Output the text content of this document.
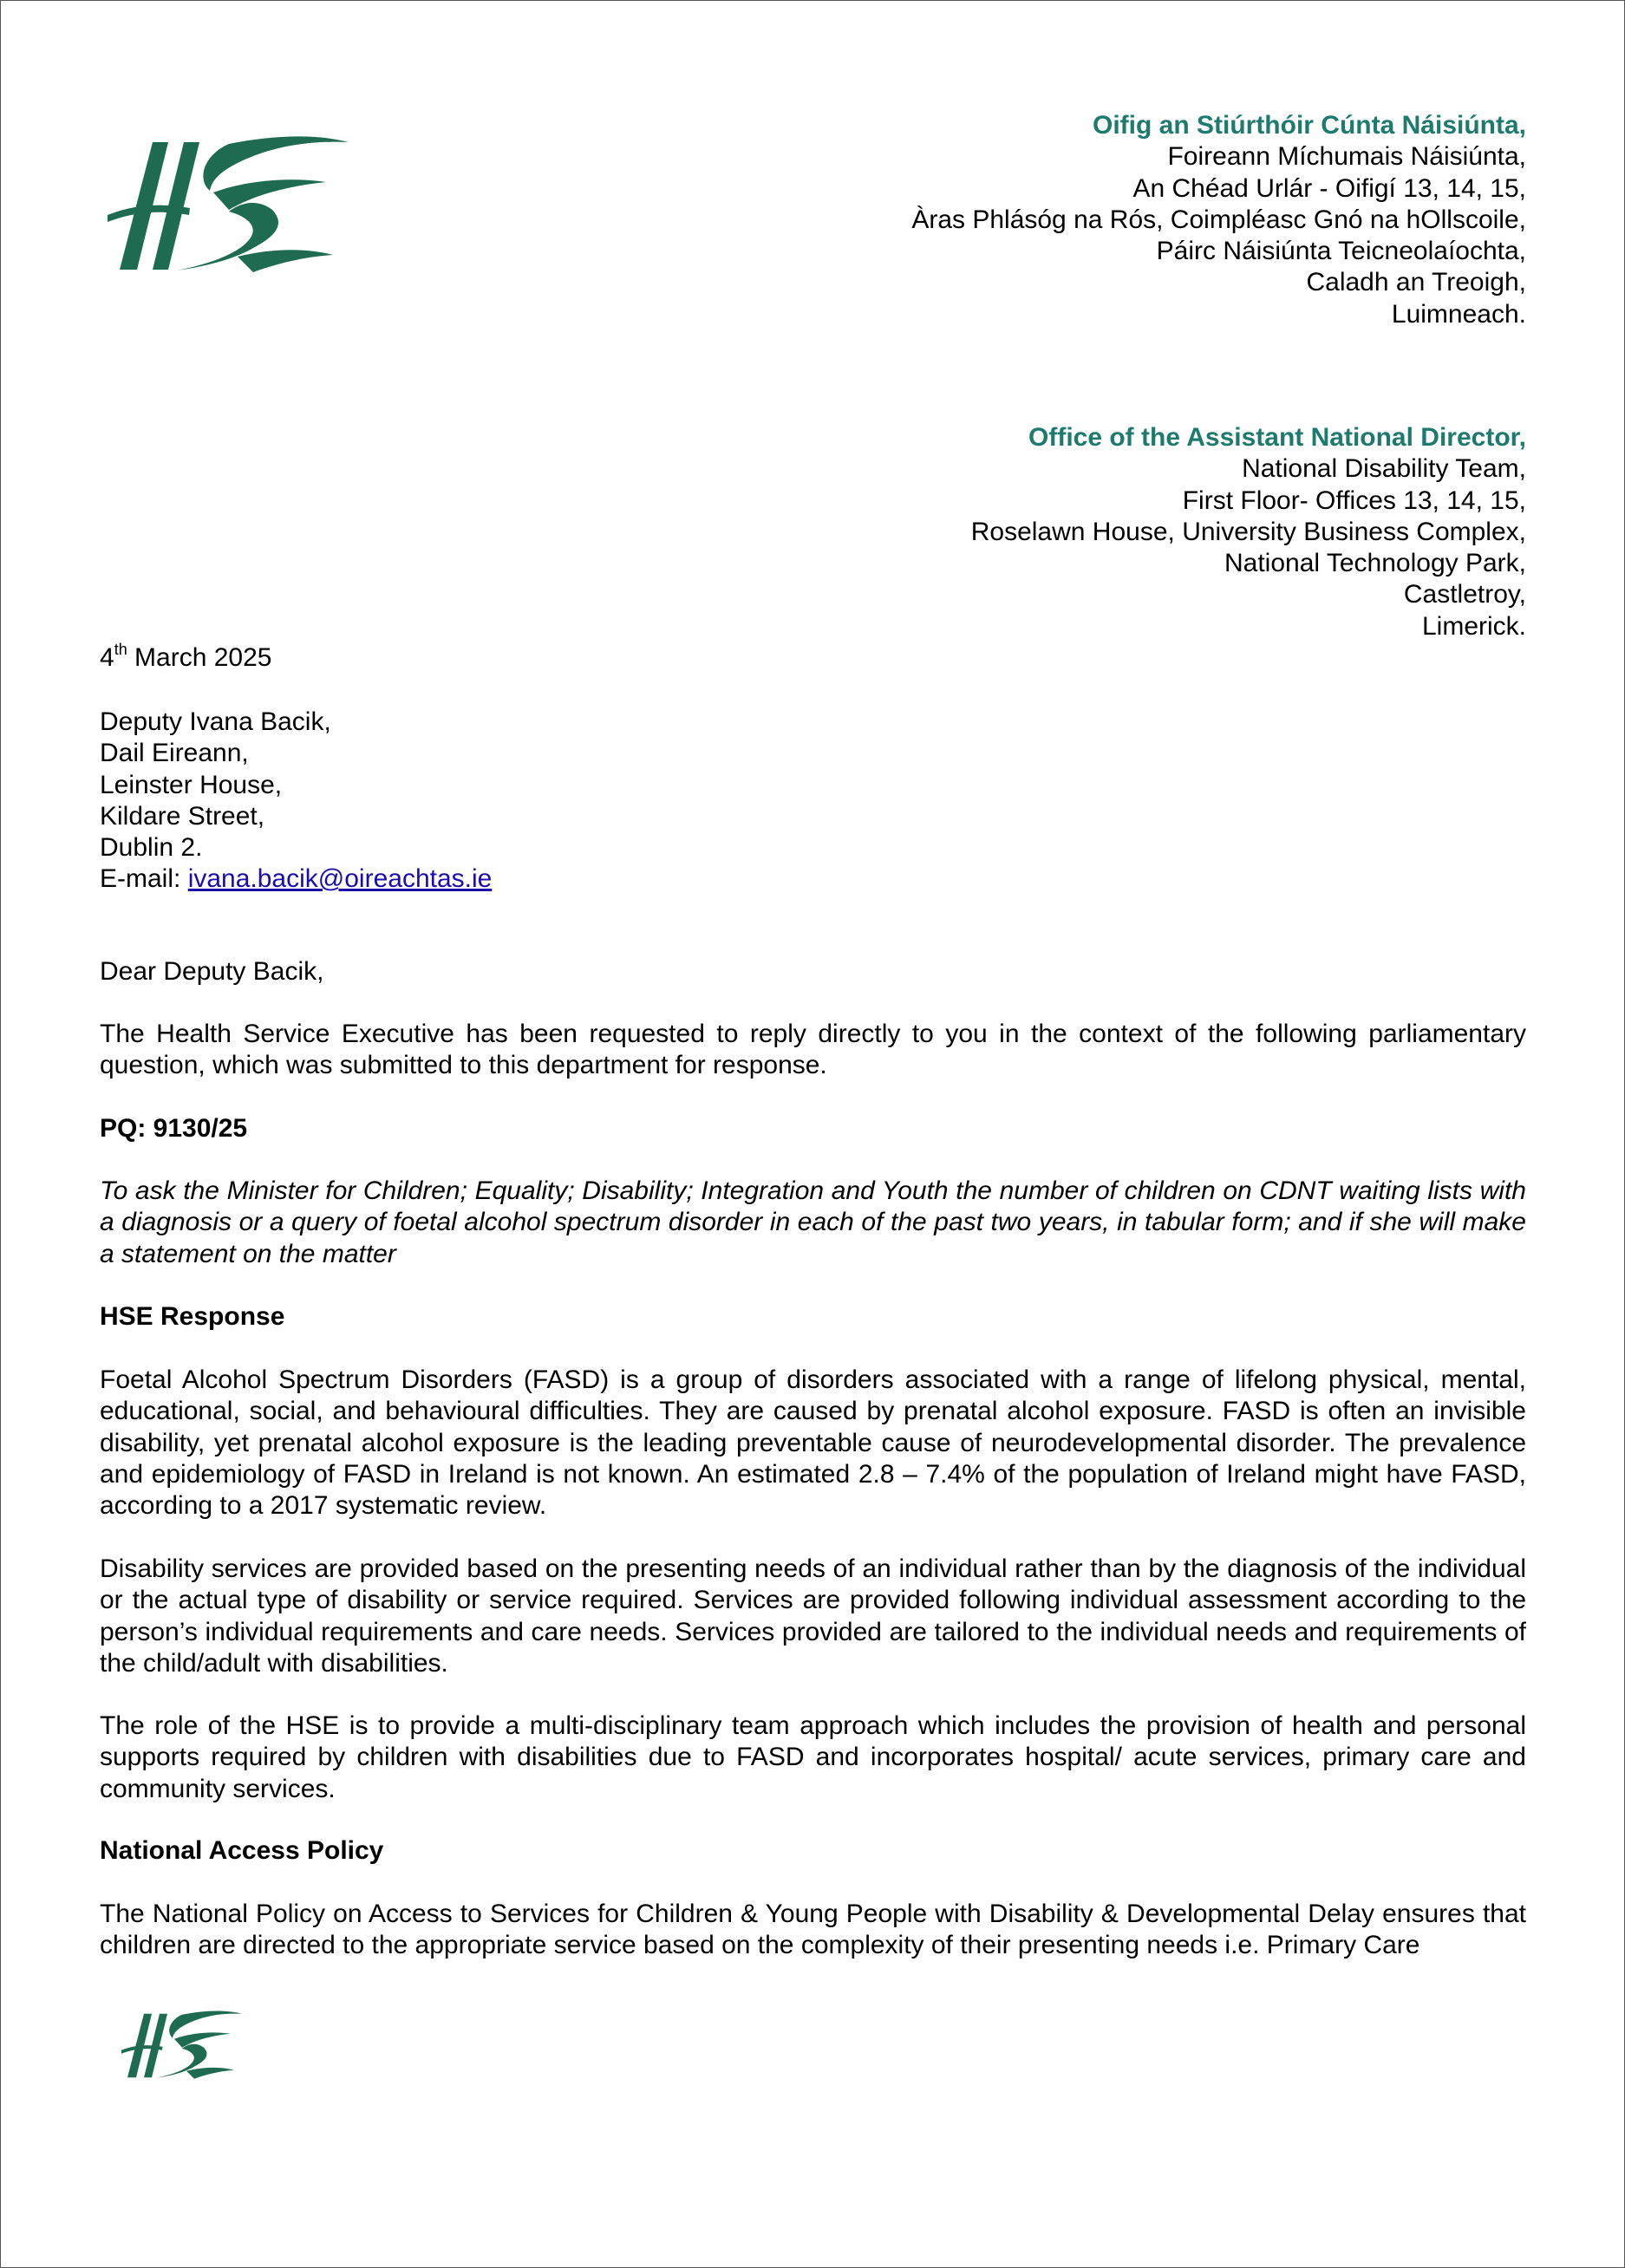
Oifig an Stiúrthóir Cúnta Náisiúnta,
Foireann Míchumais Náisiúnta,
An Chéad Urlár - Oifigí 13, 14, 15,
Àras Phlásóg na Rós, Coimpléasc Gnó na hOllscoile,
Páirc Náisiúnta Teicneolaíochta,
Caladh an Treoigh,
Luimneach.
Office of the Assistant National Director,
National Disability Team,
First Floor- Offices 13, 14, 15,
Roselawn House, University Business Complex,
National Technology Park,
Castletroy,
Limerick.
4th March 2025
Deputy Ivana Bacik,
Dail Eireann,
Leinster House,
Kildare Street,
Dublin 2.
E-mail: ivana.bacik@oireachtas.ie
Dear Deputy Bacik,

The Health Service Executive has been requested to reply directly to you in the context of the following parliamentary question, which was submitted to this department for response.

PQ: 9130/25

To ask the Minister for Children; Equality; Disability; Integration and Youth the number of children on CDNT waiting lists with a diagnosis or a query of foetal alcohol spectrum disorder in each of the past two years, in tabular form; and if she will make a statement on the matter

HSE Response

Foetal Alcohol Spectrum Disorders (FASD) is a group of disorders associated with a range of lifelong physical, mental, educational, social, and behavioural difficulties. They are caused by prenatal alcohol exposure. FASD is often an invisible disability, yet prenatal alcohol exposure is the leading preventable cause of neurodevelopmental disorder. The prevalence and epidemiology of FASD in Ireland is not known. An estimated 2.8 – 7.4% of the population of Ireland might have FASD, according to a 2017 systematic review.

Disability services are provided based on the presenting needs of an individual rather than by the diagnosis of the individual or the actual type of disability or service required. Services are provided following individual assessment according to the person’s individual requirements and care needs. Services provided are tailored to the individual needs and requirements of the child/adult with disabilities.

The role of the HSE is to provide a multi-disciplinary team approach which includes the provision of health and personal supports required by children with disabilities due to FASD and incorporates hospital/ acute services, primary care and community services.

National Access Policy

The National Policy on Access to Services for Children & Young People with Disability & Developmental Delay ensures that children are directed to the appropriate service based on the complexity of their presenting needs i.e. Primary Care
